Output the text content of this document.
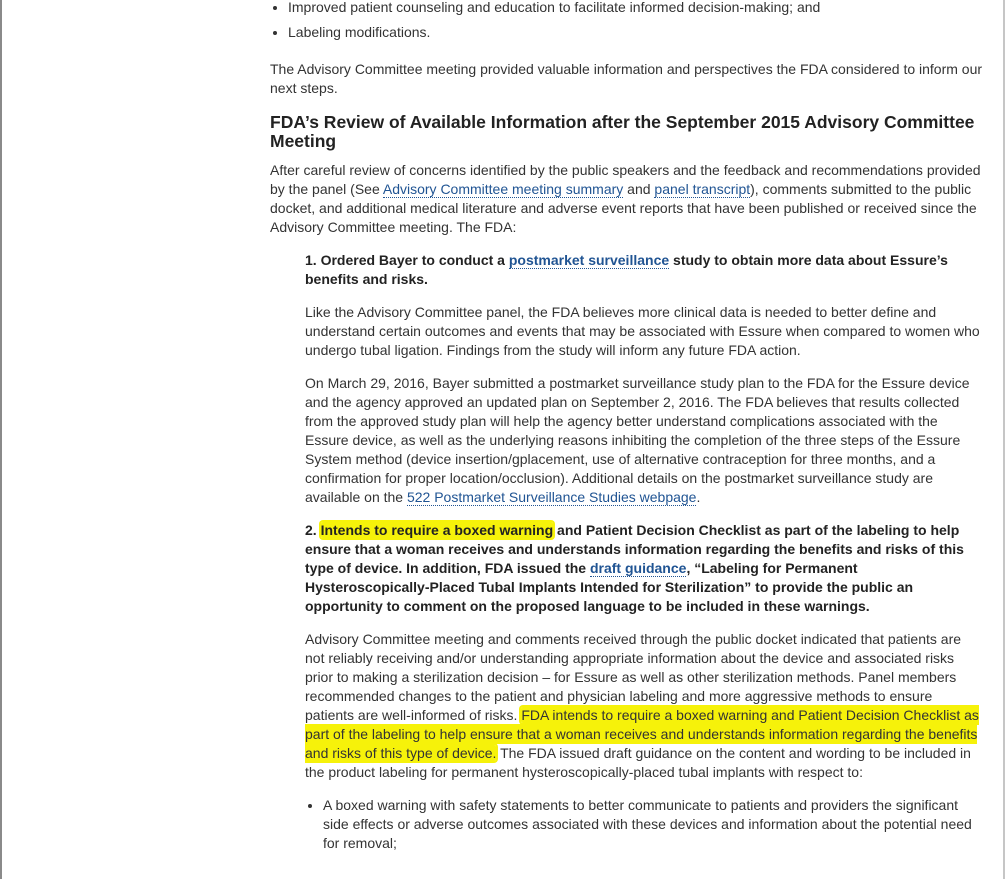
• Improved patient counseling and education to facilitate informed decision-making; and
• Labeling modifications.

The Advisory Committee meeting provided valuable information and perspectives the FDA considered to inform our next steps.

FDA’s Review of Available Information after the September 2015 Advisory Committee Meeting

After careful review of concerns identified by the public speakers and the feedback and recommendations provided by the panel (See Advisory Committee meeting summary and panel transcript), comments submitted to the public docket, and additional medical literature and adverse event reports that have been published or received since the Advisory Committee meeting. The FDA:

1. Ordered Bayer to conduct a postmarket surveillance study to obtain more data about Essure’s benefits and risks.

Like the Advisory Committee panel, the FDA believes more clinical data is needed to better define and understand certain outcomes and events that may be associated with Essure when compared to women who undergo tubal ligation. Findings from the study will inform any future FDA action.

On March 29, 2016, Bayer submitted a postmarket surveillance study plan to the FDA for the Essure device and the agency approved an updated plan on September 2, 2016. The FDA believes that results collected from the approved study plan will help the agency better understand complications associated with the Essure device, as well as the underlying reasons inhibiting the completion of the three steps of the Essure System method (device insertion/gplacement, use of alternative contraception for three months, and a confirmation for proper location/occlusion). Additional details on the postmarket surveillance study are available on the 522 Postmarket Surveillance Studies webpage.

2. Intends to require a boxed warning and Patient Decision Checklist as part of the labeling to help ensure that a woman receives and understands information regarding the benefits and risks of this type of device. In addition, FDA issued the draft guidance, “Labeling for Permanent Hysteroscopically-Placed Tubal Implants Intended for Sterilization” to provide the public an opportunity to comment on the proposed language to be included in these warnings.

Advisory Committee meeting and comments received through the public docket indicated that patients are not reliably receiving and/or understanding appropriate information about the device and associated risks prior to making a sterilization decision – for Essure as well as other sterilization methods. Panel members recommended changes to the patient and physician labeling and more aggressive methods to ensure patients are well-informed of risks. FDA intends to require a boxed warning and Patient Decision Checklist as part of the labeling to help ensure that a woman receives and understands information regarding the benefits and risks of this type of device. The FDA issued draft guidance on the content and wording to be included in the product labeling for permanent hysteroscopically-placed tubal implants with respect to:

• A boxed warning with safety statements to better communicate to patients and providers the significant side effects or adverse outcomes associated with these devices and information about the potential need for removal;
